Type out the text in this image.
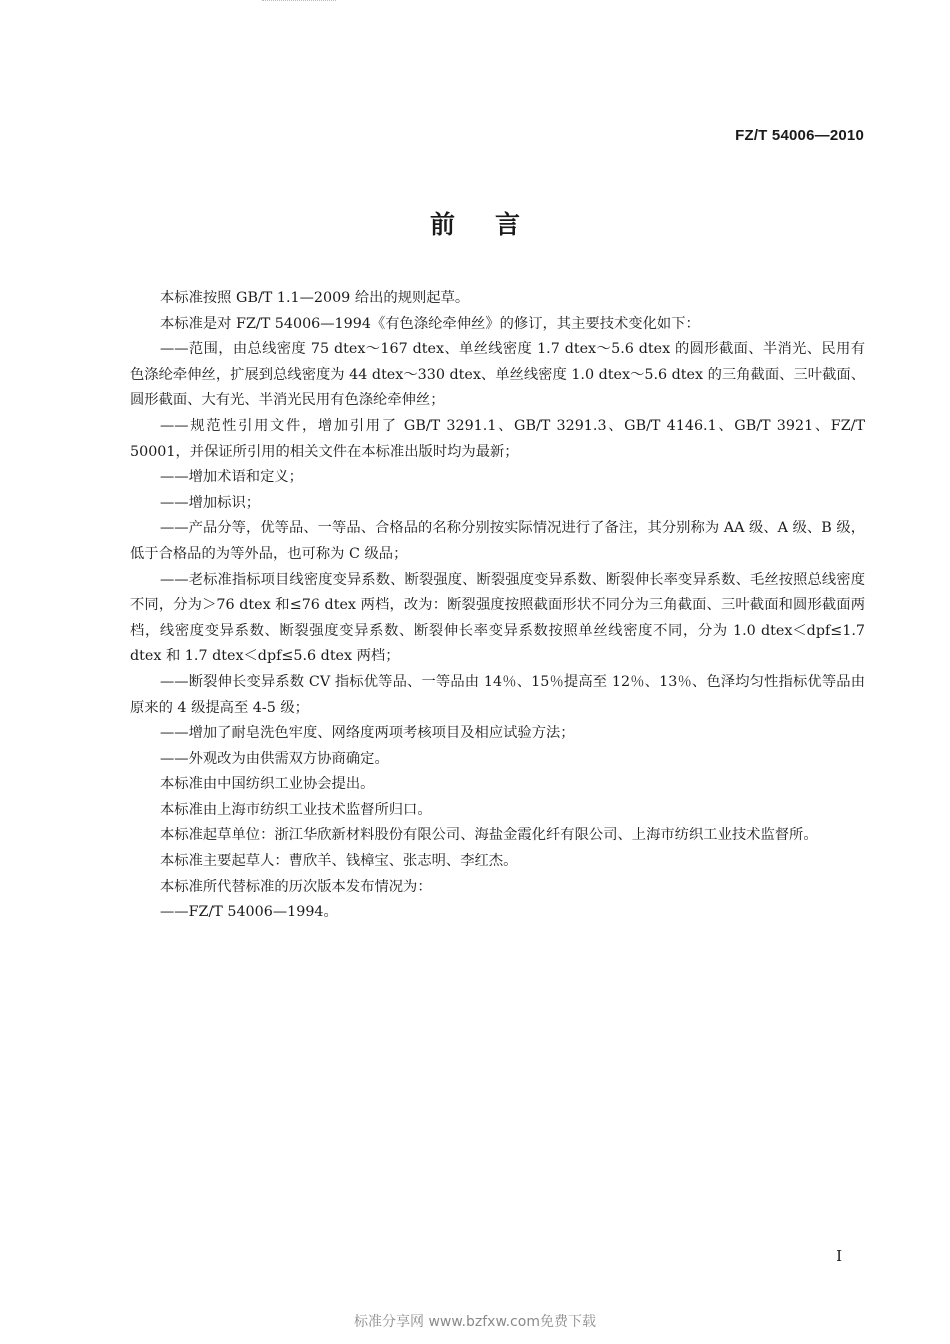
FZ/T 54006—2010
前 言

本标准按照 GB/T 1.1—2009 给出的规则起草。

本标准是对 FZ/T 54006—1994《有色涤纶牵伸丝》的修订，其主要技术变化如下：

——范围，由总线密度 75 dtex～167 dtex、单丝线密度 1.7 dtex～5.6 dtex 的圆形截面、半消光、民用有色涤纶牵伸丝，扩展到总线密度为 44 dtex～330 dtex、单丝线密度 1.0 dtex～5.6 dtex 的三角截面、三叶截面、圆形截面、大有光、半消光民用有色涤纶牵伸丝；

——规范性引用文件，增加引用了 GB/T 3291.1、GB/T 3291.3、GB/T 4146.1、GB/T 3921、FZ/T 50001，并保证所引用的相关文件在本标准出版时均为最新；

——增加术语和定义；

——增加标识；

——产品分等，优等品、一等品、合格品的名称分别按实际情况进行了备注，其分别称为 AA 级、A 级、B 级，低于合格品的为等外品，也可称为 C 级品；

——老标准指标项目线密度变异系数、断裂强度、断裂强度变异系数、断裂伸长率变异系数、毛丝按照总线密度不同，分为＞76 dtex 和≤76 dtex 两档，改为：断裂强度按照截面形状不同分为三角截面、三叶截面和圆形截面两档，线密度变异系数、断裂强度变异系数、断裂伸长率变异系数按照单丝线密度不同，分为 1.0 dtex＜dpf≤1.7 dtex 和 1.7 dtex＜dpf≤5.6 dtex 两档；

——断裂伸长变异系数 CV 指标优等品、一等品由 14％、15％提高至 12％、13％、色泽均匀性指标优等品由原来的 4 级提高至 4-5 级；

——增加了耐皂洗色牢度、网络度两项考核项目及相应试验方法；

——外观改为由供需双方协商确定。

本标准由中国纺织工业协会提出。

本标准由上海市纺织工业技术监督所归口。

本标准起草单位：浙江华欣新材料股份有限公司、海盐金霞化纤有限公司、上海市纺织工业技术监督所。

本标准主要起草人：曹欣羊、钱樟宝、张志明、李红杰。

本标准所代替标准的历次版本发布情况为：

——FZ/T 54006—1994。

I
标准分享网 www.bzfxw.com免费下载
